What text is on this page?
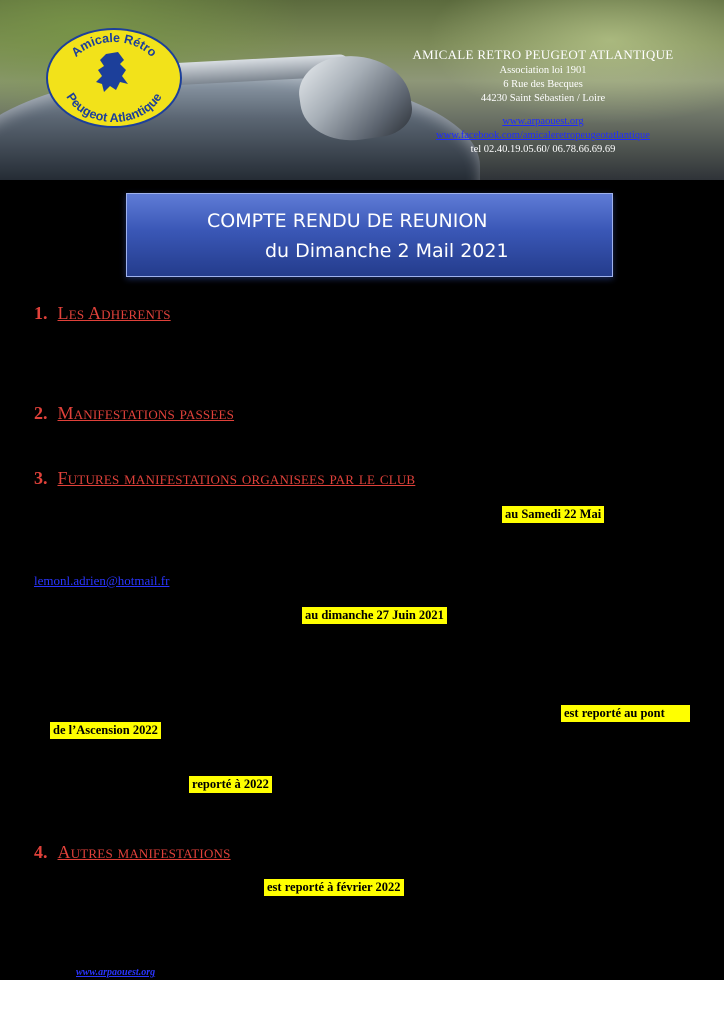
Amicale Rétro
Peugeot Atlantique
AMICALE RETRO PEUGEOT ATLANTIQUE
Association loi 1901
6 Rue des Becques
44230 Saint Sébastien / Loire
www.arpaouest.org
www.facebook.com/amicaleretropeugeotatlantique
tel 02.40.19.05.60/ 06.78.66.69.69
COMPTE RENDU DE REUNION
du Dimanche 2 Mail 2021
1. Les Adherents
2. Manifestations passees
3. Futures manifestations organisees par le club
au Samedi 22 Mai
lemonl.adrien@hotmail.fr
au dimanche 27 Juin 2021
est reporté au pont
de l’Ascension 2022
reporté à 2022
4. Autres manifestations
est reporté à février 2022
www.arpaouest.org
